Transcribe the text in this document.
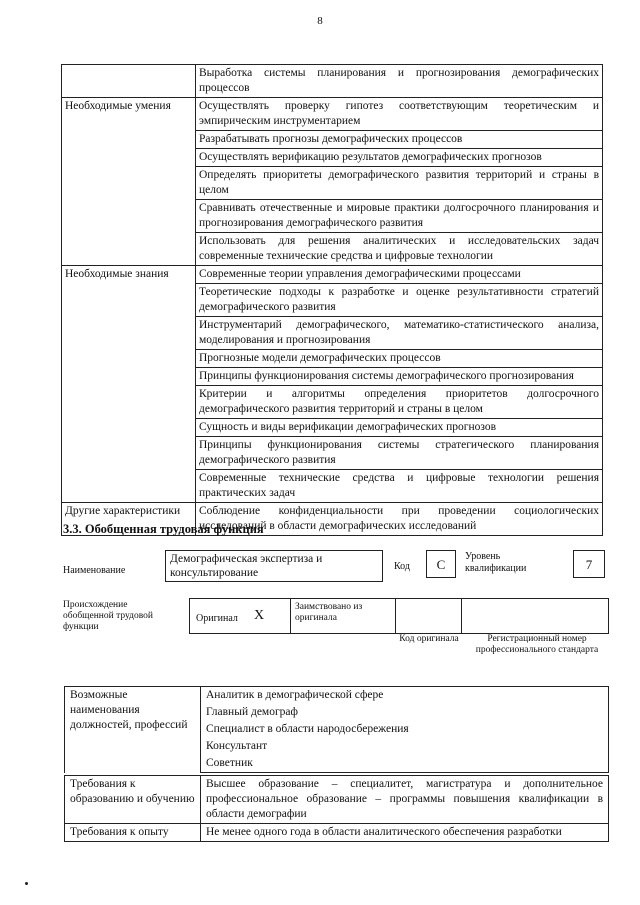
8
	Выработка системы планирования и прогнозирования демографических процессов
Необходимые умения	Осуществлять проверку гипотез соответствующим теоретическим и эмпирическим инструментарием
	Разрабатывать прогнозы демографических процессов
	Осуществлять верификацию результатов демографических прогнозов
	Определять приоритеты демографического развития территорий и страны в целом
	Сравнивать отечественные и мировые практики долгосрочного планирования и прогнозирования демографического развития
	Использовать для решения аналитических и исследовательских задач современные технические средства и цифровые технологии
Необходимые знания	Современные теории управления демографическими процессами
	Теоретические подходы к разработке и оценке результативности стратегий демографического развития
	Инструментарий демографического, математико-статистического анализа, моделирования и прогнозирования
	Прогнозные модели демографических процессов
	Принципы функционирования системы демографического прогнозирования
	Критерии и алгоритмы определения приоритетов долгосрочного демографического развития территорий и страны в целом
	Сущность и виды верификации демографических прогнозов
	Принципы функционирования системы стратегического планирования демографического развития
	Современные технические средства и цифровые технологии решения практических задач
Другие характеристики	Соблюдение конфиденциальности при проведении социологических исследований в области демографических исследований
3.3. Обобщенная трудовая функция
Наименование
Демографическая экспертиза и консультирование
Код	C
Уровень квалификации	7
Происхождение обобщенной трудовой функции
Оригинал X
Заимствовано из оригинала
Код оригинала	Регистрационный номер профессионального стандарта
Возможные наименования должностей, профессий	Аналитик в демографической сфере
Главный демограф
Специалист в области народосбережения
Консультант
Советник
Требования к образованию и обучению	Высшее образование – специалитет, магистратура и дополнительное профессиональное образование – программы повышения квалификации в области демографии
Требования к опыту	Не менее одного года в области аналитического обеспечения разработки
